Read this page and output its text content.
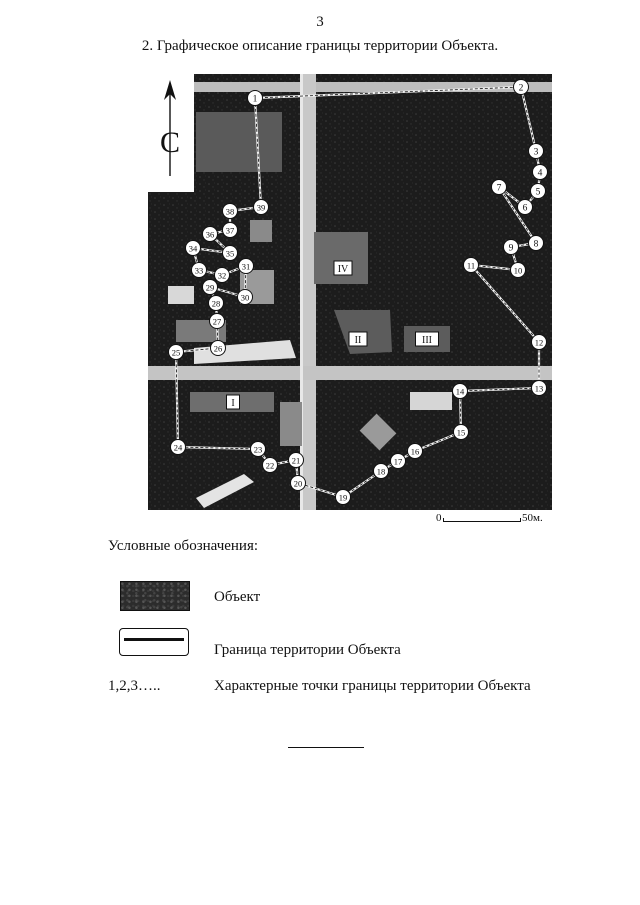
3
2. Графическое описание границы территории Объекта.
I
II	III
IV
1
2
3
4
5
6
7
8
9
10
11
12
13
14
15
16
17
18
19
20
21
22
23
24
25	26
27
28
29
30
31
32
33
34	35
36 37
38	39
С
0	50м.
Условные обозначения:
Объект
Граница территории Объекта
1,2,3…..	Характерные точки границы территории Объекта
